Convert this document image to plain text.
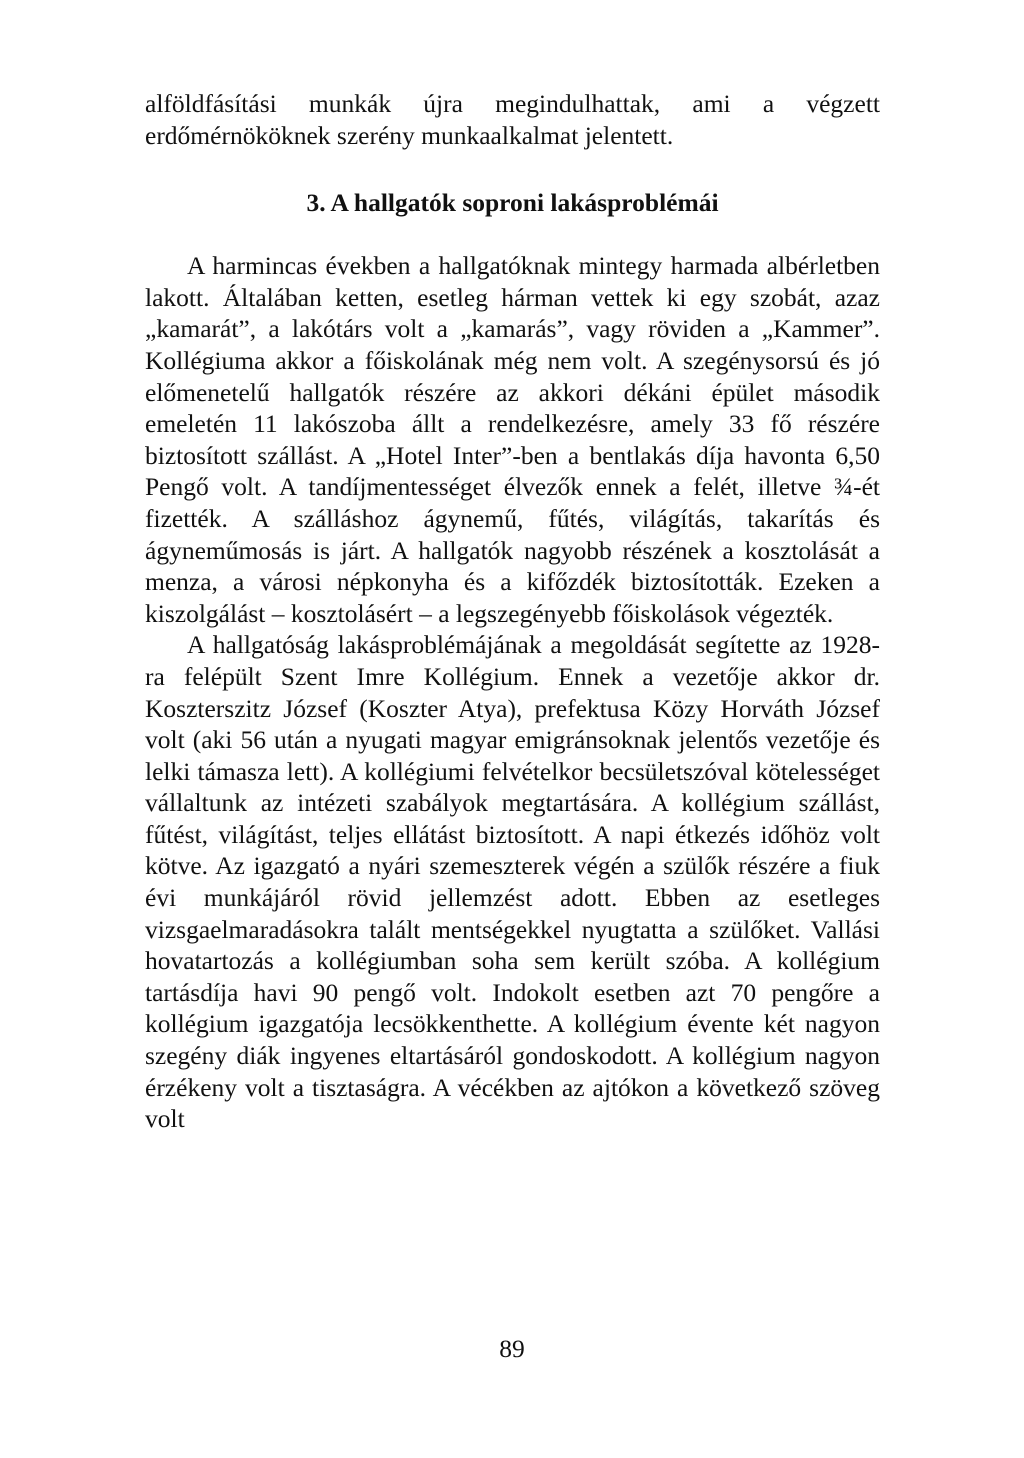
alföldfásítási munkák újra megindulhattak, ami a végzett erdőmérnököknek szerény munkaalkalmat jelentett.

3. A hallgatók soproni lakásproblémái

A harmincas években a hallgatóknak mintegy harmada albérletben lakott. Általában ketten, esetleg hárman vettek ki egy szobát, azaz „kamarát”, a lakótárs volt a „kamarás”, vagy röviden a „Kammer”. Kollégiuma akkor a főiskolának még nem volt. A szegénysorsú és jó előmenetelű hallgatók részére az akkori dékáni épület második emeletén 11 lakószoba állt a rendelkezésre, amely 33 fő részére biztosított szállást. A „Hotel Inter”-ben a bentlakás díja havonta 6,50 Pengő volt. A tandíjmentességet élvezők ennek a felét, illetve ¾-ét fizették. A szálláshoz ágynemű, fűtés, világítás, takarítás és ágyneműmosás is járt. A hallgatók nagyobb részének a kosztolását a menza, a városi népkonyha és a kifőzdék biztosították. Ezeken a kiszolgálást – kosztolásért – a legszegényebb főiskolások végezték.

A hallgatóság lakásproblémájának a megoldását segítette az 1928-ra felépült Szent Imre Kollégium. Ennek a vezetője akkor dr. Koszterszitz József (Koszter Atya), prefektusa Közy Horváth József volt (aki 56 után a nyugati magyar emigránsoknak jelentős vezetője és lelki támasza lett). A kollégiumi felvételkor becsületszóval kötelességet vállaltunk az intézeti szabályok megtartására. A kollégium szállást, fűtést, világítást, teljes ellátást biztosított. A napi étkezés időhöz volt kötve. Az igazgató a nyári szemeszterek végén a szülők részére a fiuk évi munkájáról rövid jellemzést adott. Ebben az esetleges vizsgaelmaradásokra talált mentségekkel nyugtatta a szülőket. Vallási hovatartozás a kollégiumban soha sem került szóba. A kollégium tartásdíja havi 90 pengő volt. Indokolt esetben azt 70 pengőre a kollégium igazgatója lecsökkenthette. A kollégium évente két nagyon szegény diák ingyenes eltartásáról gondoskodott. A kollégium nagyon érzékeny volt a tisztaságra. A vécékben az ajtókon a következő szöveg volt

89
